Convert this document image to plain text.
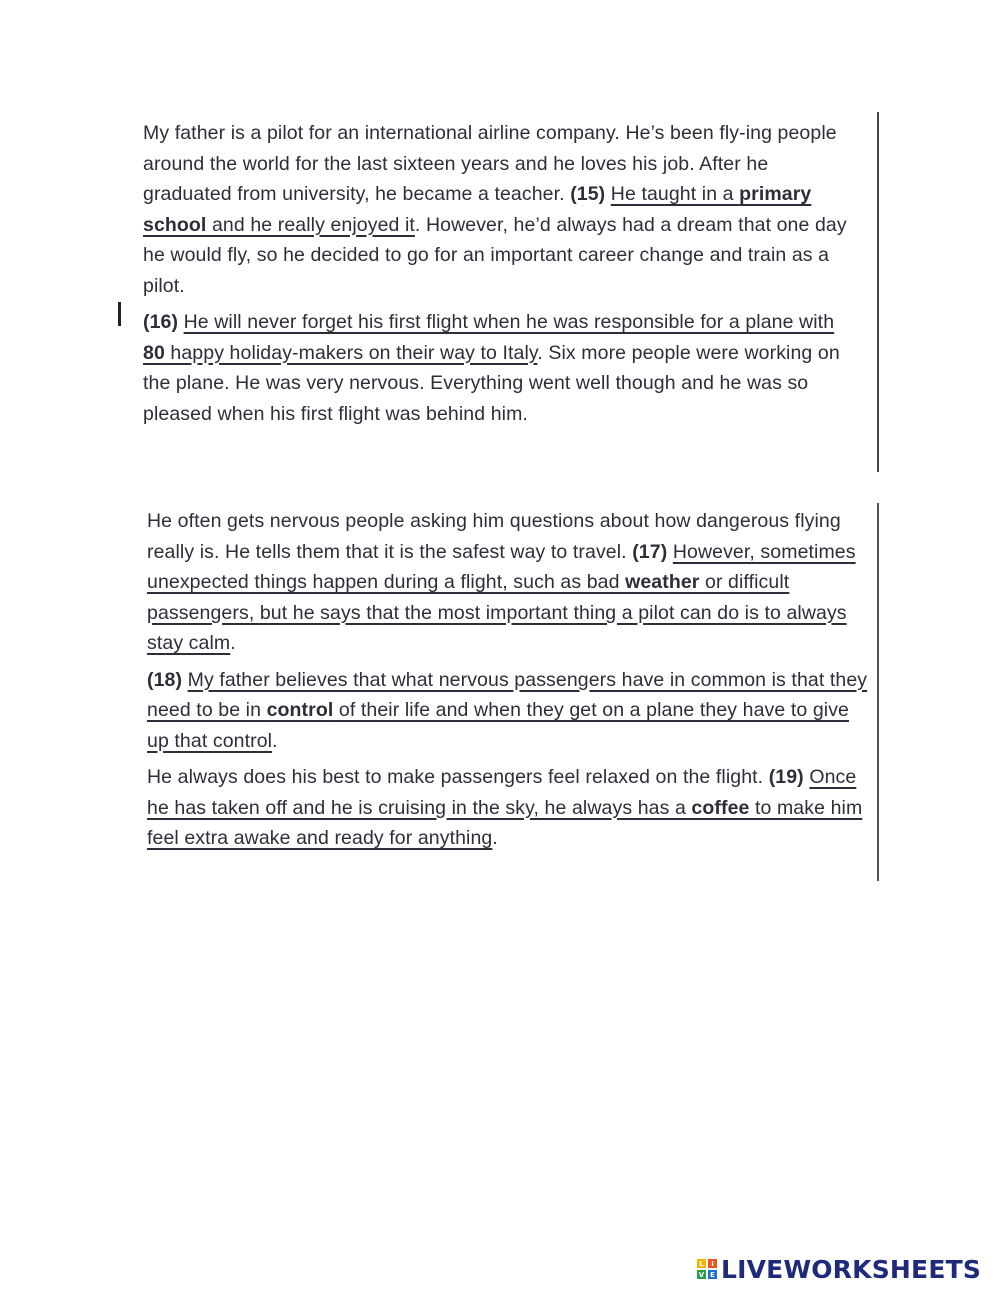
My father is a pilot for an international airline company. He’s been fly-ing people around the world for the last sixteen years and he loves his job. After he graduated from university, he became a teacher. (15) He taught in a primary school and he really enjoyed it. However, he’d always had a dream that one day he would fly, so he decided to go for an important career change and train as a pilot.

(16) He will never forget his first flight when he was responsible for a plane with 80 happy holiday-makers on their way to Italy. Six more people were working on the plane. He was very nervous. Everything went well though and he was so pleased when his first flight was behind him.

He often gets nervous people asking him questions about how dangerous flying really is. He tells them that it is the safest way to travel. (17) However, sometimes unexpected things happen during a flight, such as bad weather or difficult passengers, but he says that the most important thing a pilot can do is to always stay calm.

(18) My father believes that what nervous passengers have in common is that they need to be in control of their life and when they get on a plane they have to give up that control.

He always does his best to make passengers feel relaxed on the flight. (19) Once he has taken off and he is cruising in the sky, he always has a coffee to make him feel extra awake and ready for anything.

L	I
V E LIVEWORKSHEETS
